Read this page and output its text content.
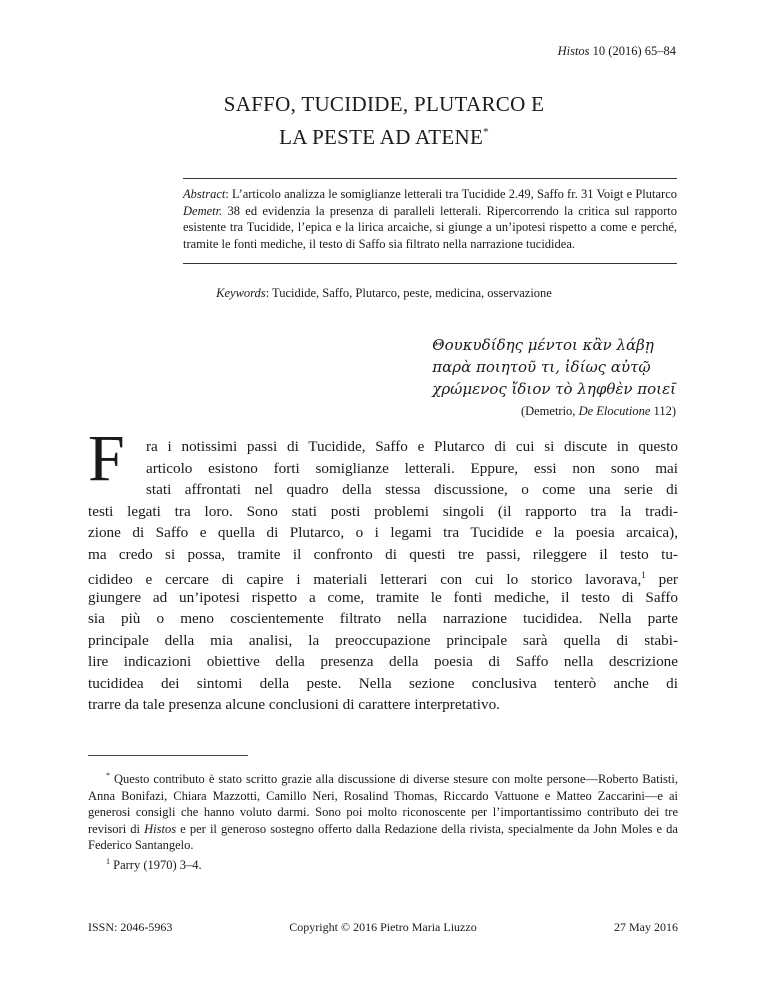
Histos 10 (2016) 65–84
SAFFO, TUCIDIDE, PLUTARCO E
LA PESTE AD ATENE*
Abstract: L’articolo analizza le somiglianze letterali tra Tucidide 2.49, Saffo fr. 31 Voigt e Plutarco Demetr. 38 ed evidenzia la presenza di paralleli letterali. Ripercorrendo la critica sul rapporto esistente tra Tucidide, l’epica e la lirica arcaiche, si giunge a un’ipotesi rispetto a come e perché, tramite le fonti mediche, il testo di Saffo sia filtrato nella narrazione tucididea.
Keywords: Tucidide, Saffo, Plutarco, peste, medicina, osservazione
Θουκυδίδης μέντοι κἂν λάβῃ
παρὰ ποιητοῦ τι, ἰδίως αὐτῷ
χρώμενος ἴδιον τὸ ληφθὲν ποιεῖ
(Demetrio, De Elocutione 112)
F	ra i notissimi passi di Tucidide, Saffo e Plutarco di cui si discute in questo
articolo esistono forti somiglianze letterali. Eppure, essi non sono mai
stati affrontati nel quadro della stessa discussione, o come una serie di
testi legati tra loro. Sono stati posti problemi singoli (il rapporto tra la tradi-
zione di Saffo e quella di Plutarco, o i legami tra Tucidide e la poesia arcaica),
ma credo si possa, tramite il confronto di questi tre passi, rileggere il testo tu-
cidideo e cercare di capire i materiali letterari con cui lo storico lavorava,$^1$ per
giungere ad un’ipotesi rispetto a come, tramite le fonti mediche, il testo di Saffo
sia più o meno coscientemente filtrato nella narrazione tucididea. Nella parte
principale della mia analisi, la preoccupazione principale sarà quella di stabi-
lire indicazioni obiettive della presenza della poesia di Saffo nella descrizione
tucididea dei sintomi della peste. Nella sezione conclusiva tenterò anche di
trarre da tale presenza alcune conclusioni di carattere interpretativo.

* Questo contributo è stato scritto grazie alla discussione di diverse stesure con molte persone—Roberto Batisti, Anna Bonifazi, Chiara Mazzotti, Camillo Neri, Rosalind Thomas, Riccardo Vattuone e Matteo Zaccarini—e ai generosi consigli che hanno voluto darmi. Sono poi molto riconoscente per l’importantissimo contributo dei tre revisori di Histos e per il generoso sostegno offerto dalla Redazione della rivista, specialmente da John Moles e da Federico Santangelo.

$^1$ Parry (1970) 3–4.

ISSN: 2046-5963	Copyright © 2016 Pietro Maria Liuzzo	27 May 2016
